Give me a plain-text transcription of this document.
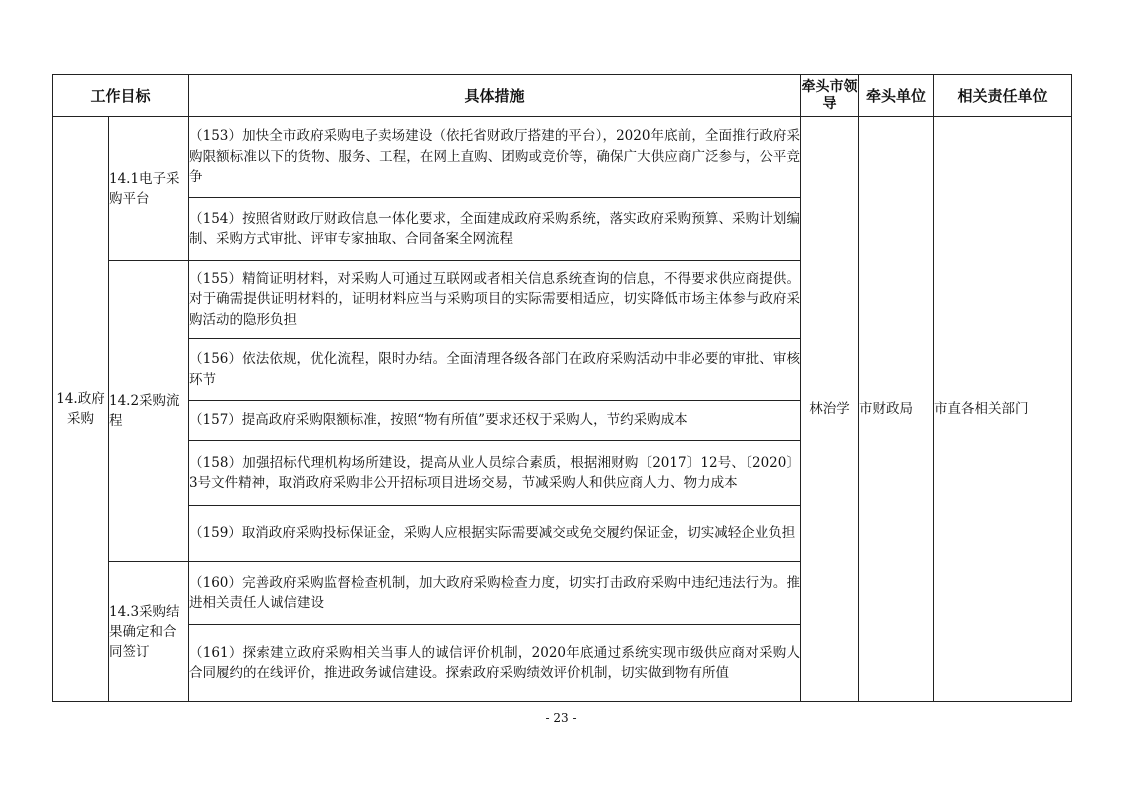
工作目标		具体措施	牵头市领导	牵头单位	相关责任单位
14.政府采购	14.1电子采购平台	（153）加快全市政府采购电子卖场建设（依托省财政厅搭建的平台），2020年底前，全面推行政府采购限额标准以下的货物、服务、工程，在网上直购、团购或竞价等，确保广大供应商广泛参与，公平竞争	林治学	市财政局	市直各相关部门
		（154）按照省财政厅财政信息一体化要求，全面建成政府采购系统，落实政府采购预算、采购计划编制、采购方式审批、评审专家抽取、合同备案全网流程			
	14.2采购流程	（155）精简证明材料，对采购人可通过互联网或者相关信息系统查询的信息，不得要求供应商提供。对于确需提供证明材料的，证明材料应当与采购项目的实际需要相适应，切实降低市场主体参与政府采购活动的隐形负担			
		（156）依法依规，优化流程，限时办结。全面清理各级各部门在政府采购活动中非必要的审批、审核环节			
		（157）提高政府采购限额标准，按照“物有所值”要求还权于采购人，节约采购成本			
		（158）加强招标代理机构场所建设，提高从业人员综合素质，根据湘财购〔2017〕12号、〔2020〕3号文件精神，取消政府采购非公开招标项目进场交易，节减采购人和供应商人力、物力成本			
		（159）取消政府采购投标保证金，采购人应根据实际需要减交或免交履约保证金，切实减轻企业负担			
	14.3采购结果确定和合同签订	（160）完善政府采购监督检查机制，加大政府采购检查力度，切实打击政府采购中违纪违法行为。推进相关责任人诚信建设			
		（161）探索建立政府采购相关当事人的诚信评价机制，2020年底通过系统实现市级供应商对采购人合同履约的在线评价，推进政务诚信建设。探索政府采购绩效评价机制，切实做到物有所值			
- 23 -
